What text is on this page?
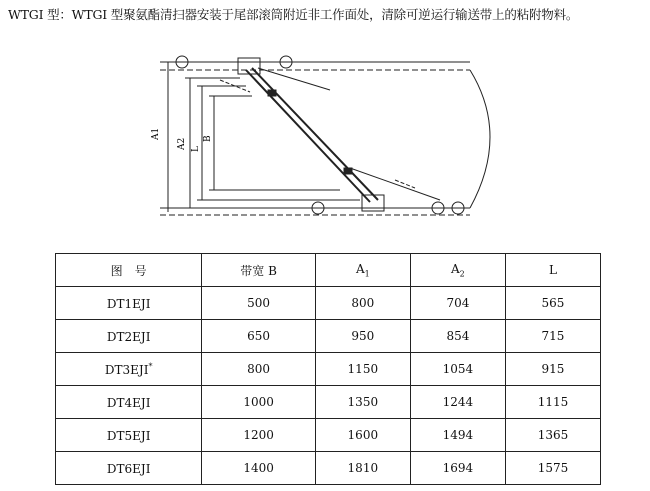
WTGI 型：WTGI 型聚氨酯清扫器安装于尾部滚筒附近非工作面处，清除可逆运行输送带上的粘附物料。
A1
A2 L
B
图　号	带宽 B	$A_1$	$A_2$	L
DT1EJI	500	800	704	565
DT2EJI	650	950	854	715
DT3EJI*	800	1150	1054	915
DT4EJI	1000	1350	1244	1115
DT5EJI	1200	1600	1494	1365
DT6EJI	1400	1810	1694	1575
